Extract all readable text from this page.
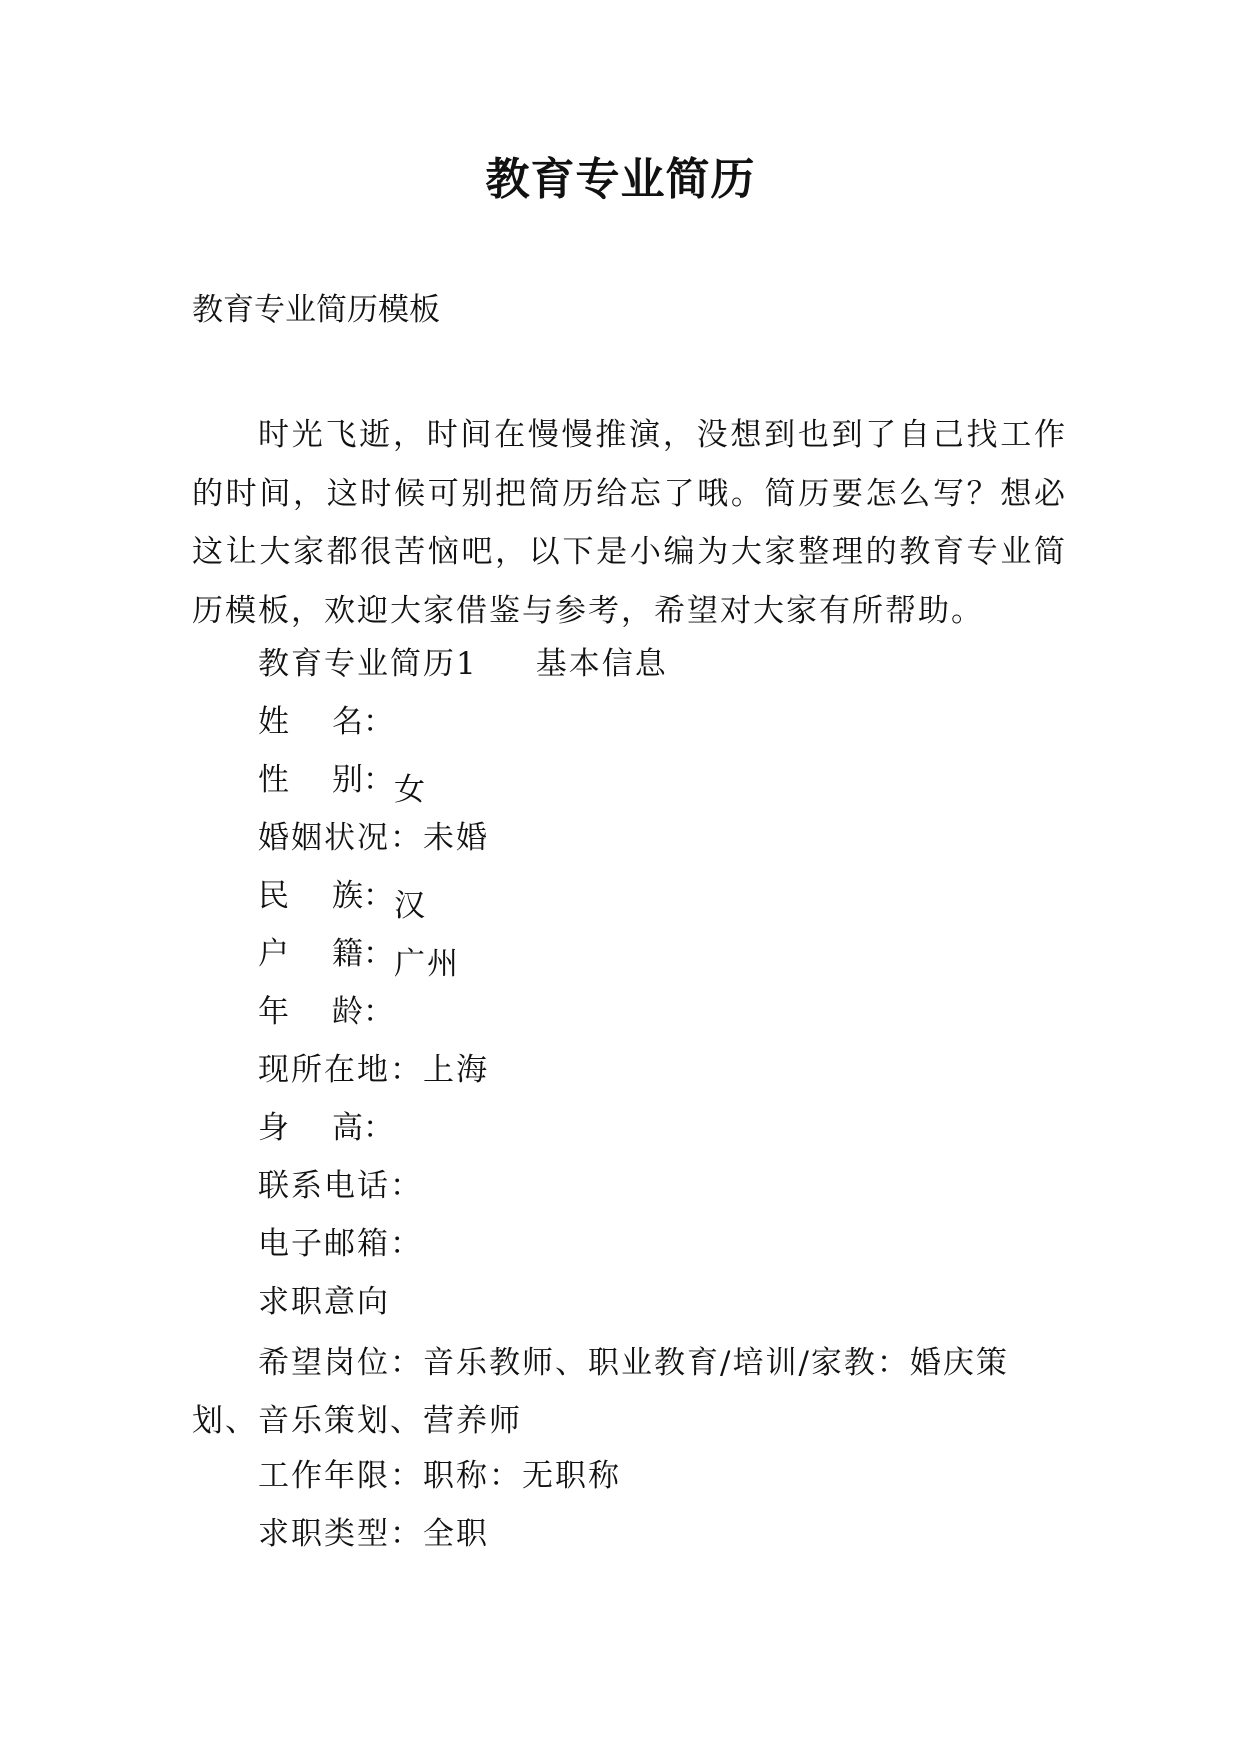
教育专业简历
教育专业简历模板

时光飞逝，时间在慢慢推演，没想到也到了自己找工作的时间，这时候可别把简历给忘了哦。简历要怎么写？想必这让大家都很苦恼吧，以下是小编为大家整理的教育专业简历模板，欢迎大家借鉴与参考，希望对大家有所帮助。

教育专业简历1 基本信息
姓 名：
性 别： 女
婚姻状况：未婚
民 族： 汉
户 籍： 广州
年 龄：
现所在地：上海
身 高：
联系电话：
电子邮箱：
求职意向

希望岗位：音乐教师、职业教育/培训/家教：婚庆策划、音乐策划、营养师

工作年限：职称：无职称
求职类型：全职
